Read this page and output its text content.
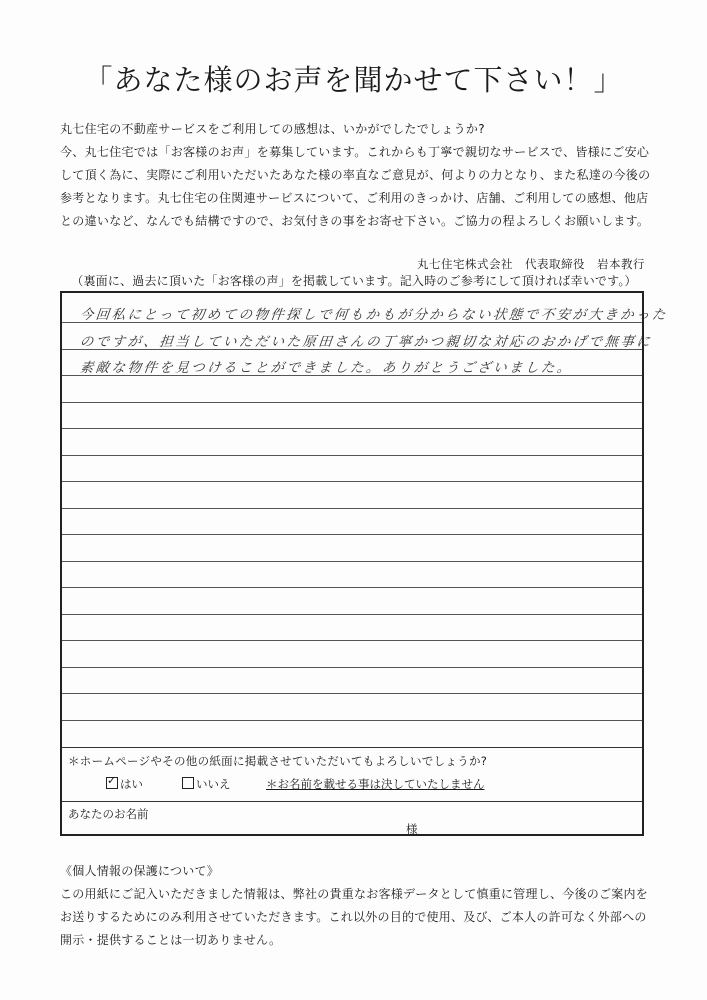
「あなた様のお声を聞かせて下さい！」
丸七住宅の不動産サービスをご利用しての感想は、いかがでしたでしょうか?
今、丸七住宅では「お客様のお声」を募集しています。これからも丁寧で親切なサービスで、皆様にご安心
して頂く為に、実際にご利用いただいたあなた様の率直なご意見が、何よりの力となり、また私達の今後の
参考となります。丸七住宅の住関連サービスについて、ご利用のきっかけ、店舗、ご利用しての感想、他店
との違いなど、なんでも結構ですので、お気付きの事をお寄せ下さい。ご協力の程よろしくお願いします。
丸七住宅株式会社　代表取締役　岩本教行
（裏面に、過去に頂いた「お客様の声」を掲載しています。記入時のご参考にして頂ければ幸いです。）
今回私にとって初めての物件探しで何もかもが分からない状態で不安が大きかった
のですが、担当していただいた原田さんの丁寧かつ親切な対応のおかげで無事に
素敵な物件を見つけることができました。ありがとうございました。
＊ホームページやその他の紙面に掲載させていただいてもよろしいでしょうか?
✓はい	いいえ	＊お名前を載せる事は決していたしません
あなたのお名前
様
《個人情報の保護について》
この用紙にご記入いただきました情報は、弊社の貴重なお客様データとして慎重に管理し、今後のご案内を
お送りするためにのみ利用させていただきます。これ以外の目的で使用、及び、ご本人の許可なく外部への
開示・提供することは一切ありません。
